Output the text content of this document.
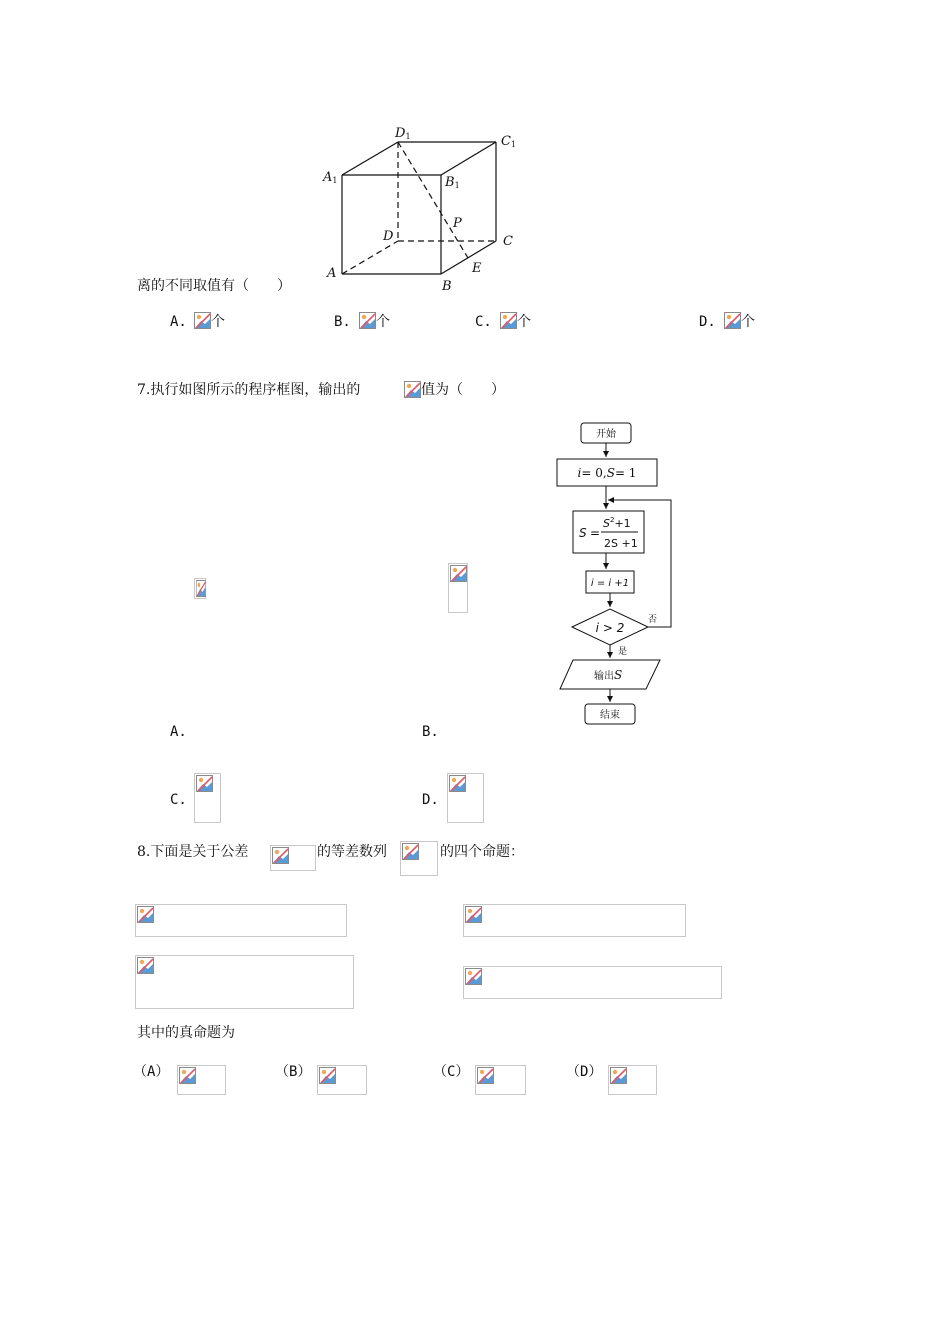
D1	C1
A1	B1
P
D	C
A	E
B
离的不同取值有（　　）
A. 个	B. 个	C. 个	D. 个
7.执行如图所示的程序框图，输出的	值为（　　）
开始
i= 0,S= 1
S =
$S^2+1$
2S +1
i = i +1
i > 2
否
是
输出S
结束
A.	B.
C.	D.
8.下面是关于公差	的等差数列	的四个命题：
其中的真命题为
（A）	（B）	（C）	（D）
